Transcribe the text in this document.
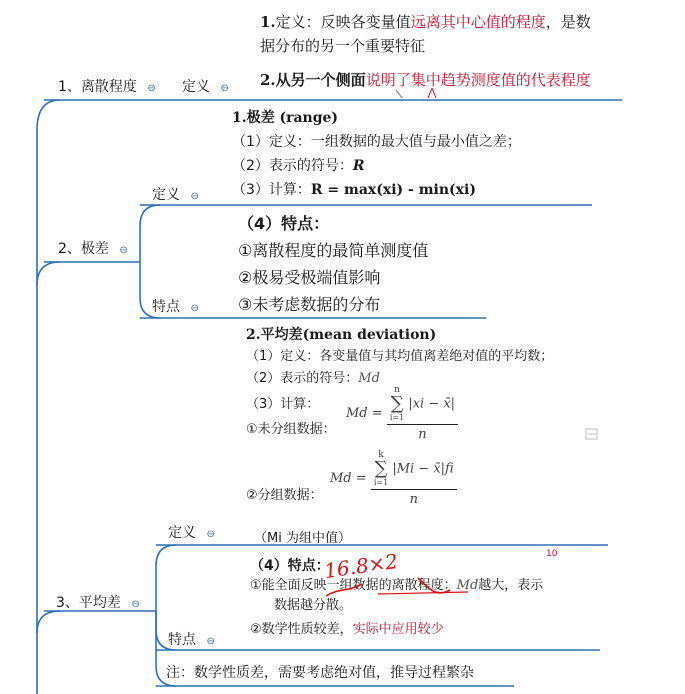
1、离散程度 ⊖ 定义 ⊖
2、极差 ⊖
定义 ⊖
特点 ⊖
3、平均差 ⊖
定义 ⊖
特点 ⊖
注：数学性质差，需要考虑绝对值，推导过程繁杂
1.定义：反映各变量值远离其中心值的程度，是数
据分布的另一个重要特征
2.从另一个侧面说明了集中趋势测度值的代表程度
1.极差 (range)
（1）定义：一组数据的最大值与最小值之差；
（2）表示的符号：R
（3）计算：R = max(xi) - min(xi)
（4）特点：
①离散程度的最简单测度值
②极易受极端值影响
③未考虑数据的分布
2.平均差(mean deviation)
（1）定义：各变量值与其均值离差绝对值的平均数；
（2）表示的符号：Md
（3）计算：
①未分组数据：
Md = n
∑
i=1
|xi − x̄|
n
②分组数据：
Md = k
∑
i=1
|Mi − x̄|fi
n
（Mi 为组中值）
（4）特点：
①能全面反映一组数据的离散程度：Md越大，表示
数据越分散。
②数学性质较差，实际中应用较少
10
16.8×2
